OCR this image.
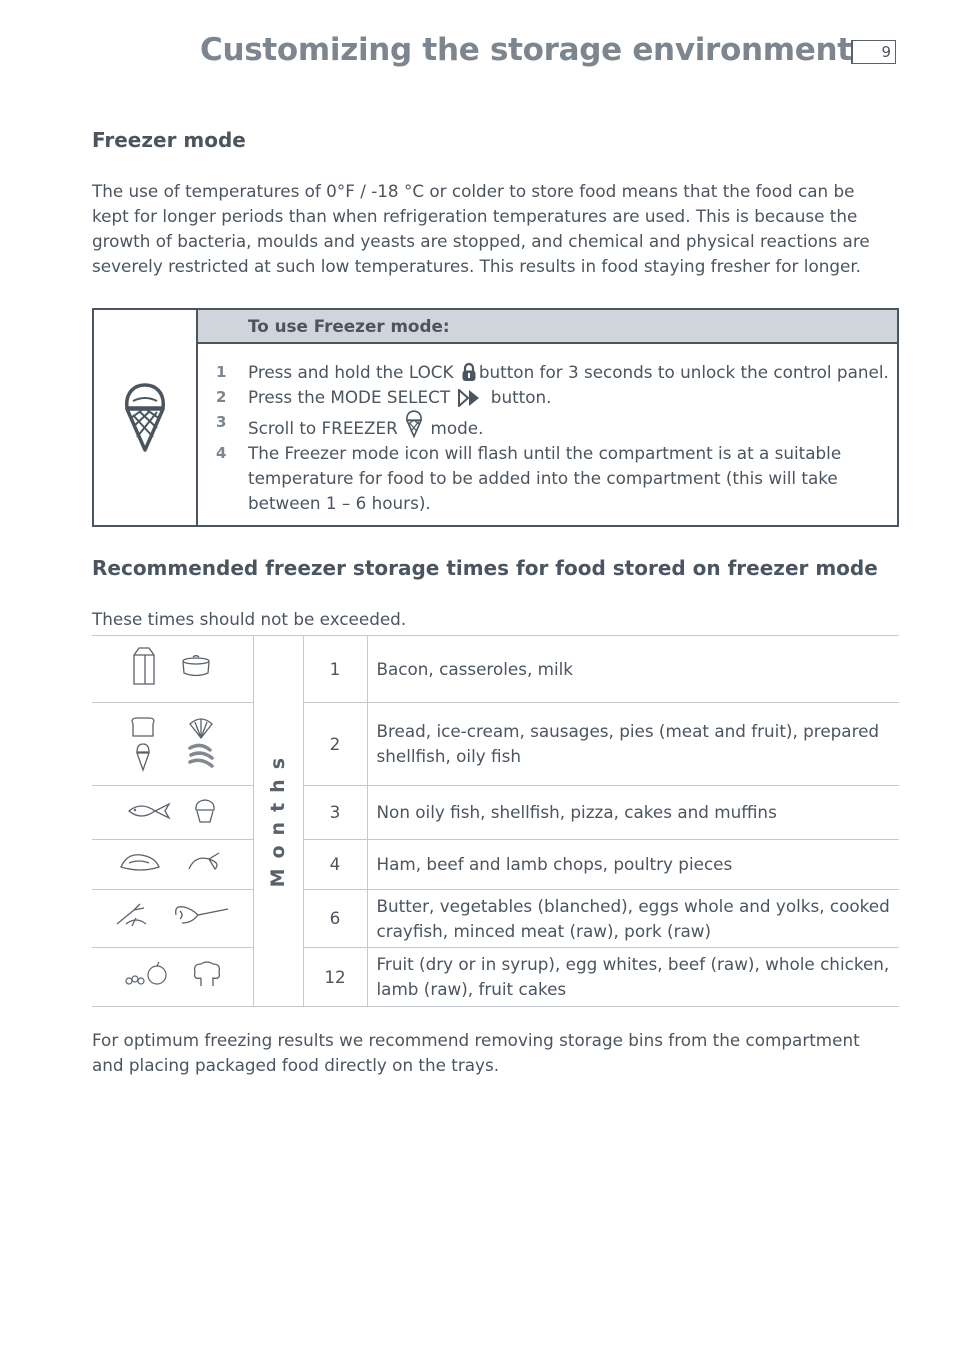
Customizing the storage environment 9
Freezer mode
The use of temperatures of 0°F / -18 °C or colder to store food means that the food can be kept for longer periods than when refrigeration temperatures are used. This is because the growth of bacteria, moulds and yeasts are stopped, and chemical and physical reactions are severely restricted at such low temperatures. This results in food staying fresher for longer.
To use Freezer mode:
1 Press and hold the LOCK button for 3 seconds to unlock the control panel.
2 Press the MODE SELECT button.
3 Scroll to FREEZER mode.
4 The Freezer mode icon will flash until the compartment is at a suitable temperature for food to be added into the compartment (this will take between 1 – 6 hours).
Recommended freezer storage times for food stored on freezer mode
These times should not be exceeded.
	Months	1	Bacon, casseroles, milk

	2	Bread, ice-cream, sausages, pies (meat and fruit), prepared shellfish, oily fish

	3	Non oily fish, shellfish, pizza, cakes and muffins

	4	Ham, beef and lamb chops, poultry pieces

	6	Butter, vegetables (blanched), eggs whole and yolks, cooked crayfish, minced meat (raw), pork (raw)

	12	Fruit (dry or in syrup), egg whites, beef (raw), whole chicken, lamb (raw), fruit cakes
For optimum freezing results we recommend removing storage bins from the compartment and placing packaged food directly on the trays.
